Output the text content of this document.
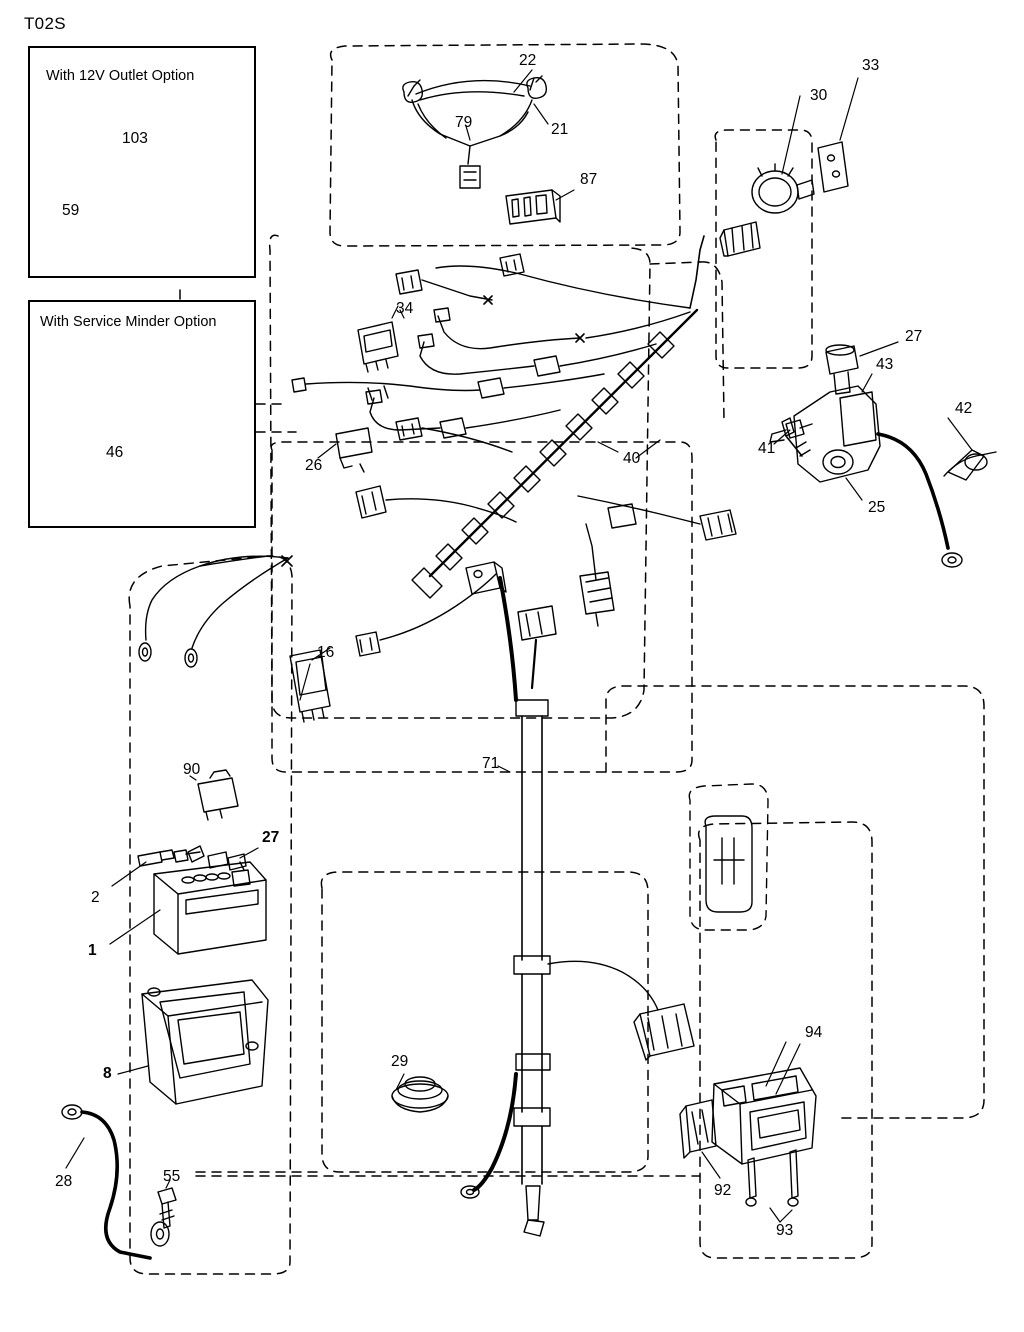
T02S
With 12V Outlet Option
With Service Minder Option
103
59
46
22
79	21
33
30
87
34
27
43
42
41
25
40
26
16
71
90
27
2
1
8
29
94
92
93
28	55
